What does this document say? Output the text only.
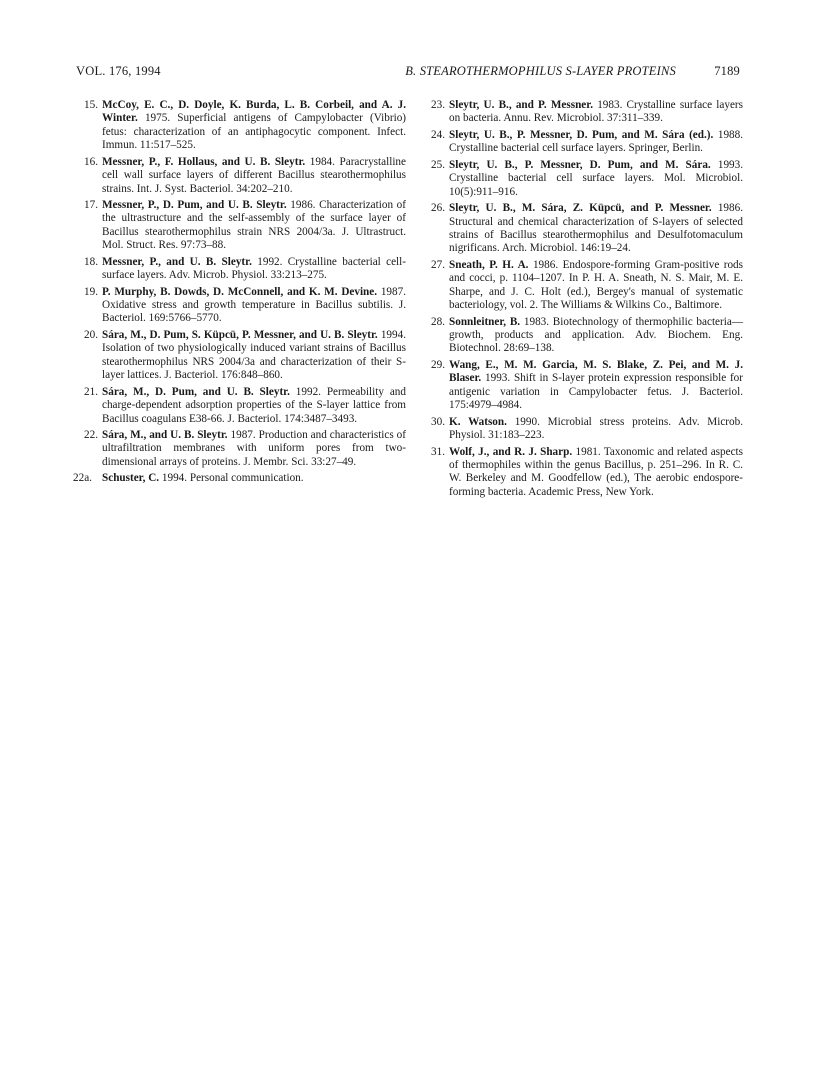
VOL. 176, 1994	B. STEAROTHERMOPHILUS S-LAYER PROTEINS	7189
15. McCoy, E. C., D. Doyle, K. Burda, L. B. Corbeil, and A. J. Winter. 1975. Superficial antigens of Campylobacter (Vibrio) fetus: characterization of an antiphagocytic component. Infect. Immun. 11:517–525.
16. Messner, P., F. Hollaus, and U. B. Sleytr. 1984. Paracrystalline cell wall surface layers of different Bacillus stearothermophilus strains. Int. J. Syst. Bacteriol. 34:202–210.
17. Messner, P., D. Pum, and U. B. Sleytr. 1986. Characterization of the ultrastructure and the self-assembly of the surface layer of Bacillus stearothermophilus strain NRS 2004/3a. J. Ultrastruct. Mol. Struct. Res. 97:73–88.
18. Messner, P., and U. B. Sleytr. 1992. Crystalline bacterial cell-surface layers. Adv. Microb. Physiol. 33:213–275.
19. P. Murphy, B. Dowds, D. McConnell, and K. M. Devine. 1987. Oxidative stress and growth temperature in Bacillus subtilis. J. Bacteriol. 169:5766–5770.
20. Sára, M., D. Pum, S. Küpcü, P. Messner, and U. B. Sleytr. 1994. Isolation of two physiologically induced variant strains of Bacillus stearothermophilus NRS 2004/3a and characterization of their S-layer lattices. J. Bacteriol. 176:848–860.
21. Sára, M., D. Pum, and U. B. Sleytr. 1992. Permeability and charge-dependent adsorption properties of the S-layer lattice from Bacillus coagulans E38-66. J. Bacteriol. 174:3487–3493.
22. Sára, M., and U. B. Sleytr. 1987. Production and characteristics of ultrafiltration membranes with uniform pores from two-dimensional arrays of proteins. J. Membr. Sci. 33:27–49.
22a. Schuster, C. 1994. Personal communication.
23. Sleytr, U. B., and P. Messner. 1983. Crystalline surface layers on bacteria. Annu. Rev. Microbiol. 37:311–339.
24. Sleytr, U. B., P. Messner, D. Pum, and M. Sára (ed.). 1988. Crystalline bacterial cell surface layers. Springer, Berlin.
25. Sleytr, U. B., P. Messner, D. Pum, and M. Sára. 1993. Crystalline bacterial cell surface layers. Mol. Microbiol. 10(5):911–916.
26. Sleytr, U. B., M. Sára, Z. Küpcü, and P. Messner. 1986. Structural and chemical characterization of S-layers of selected strains of Bacillus stearothermophilus and Desulfotomaculum nigrificans. Arch. Microbiol. 146:19–24.
27. Sneath, P. H. A. 1986. Endospore-forming Gram-positive rods and cocci, p. 1104–1207. In P. H. A. Sneath, N. S. Mair, M. E. Sharpe, and J. C. Holt (ed.), Bergey's manual of systematic bacteriology, vol. 2. The Williams & Wilkins Co., Baltimore.
28. Sonnleitner, B. 1983. Biotechnology of thermophilic bacteria—growth, products and application. Adv. Biochem. Eng. Biotechnol. 28:69–138.
29. Wang, E., M. M. Garcia, M. S. Blake, Z. Pei, and M. J. Blaser. 1993. Shift in S-layer protein expression responsible for antigenic variation in Campylobacter fetus. J. Bacteriol. 175:4979–4984.
30. K. Watson. 1990. Microbial stress proteins. Adv. Microb. Physiol. 31:183–223.
31. Wolf, J., and R. J. Sharp. 1981. Taxonomic and related aspects of thermophiles within the genus Bacillus, p. 251–296. In R. C. W. Berkeley and M. Goodfellow (ed.), The aerobic endospore-forming bacteria. Academic Press, New York.
